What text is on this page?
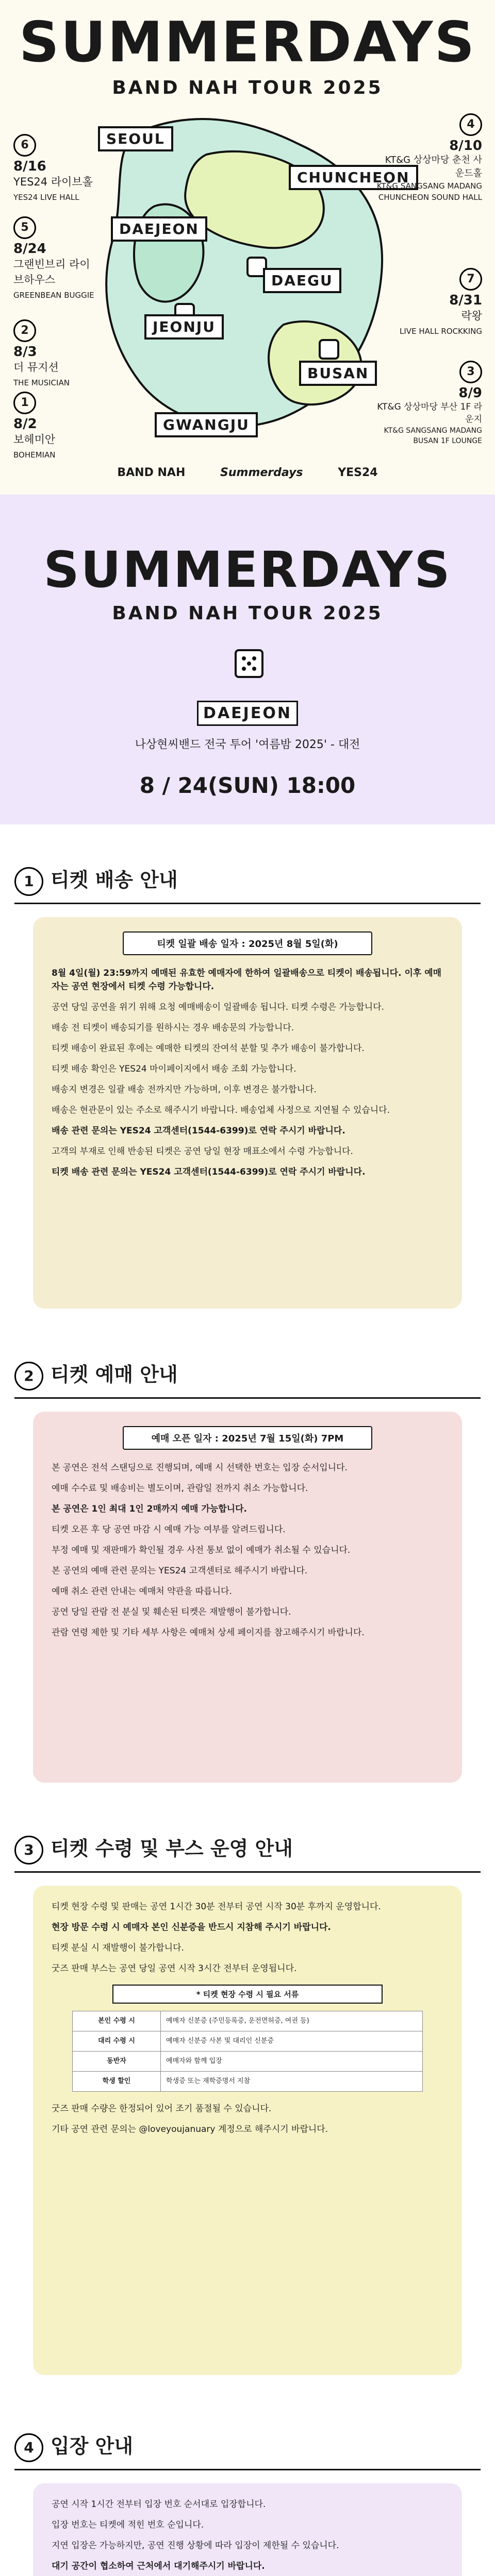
SUMMERDAYS
BAND NAH TOUR 2025
SEOUL
CHUNCHEON
DAEJEON
DAEGU
JEONJU
BUSAN
GWANGJU
6
8/16
YES24 라이브홀
YES24 LIVE HALL
5
8/24
그랜빈브리 라이브하우스
GREENBEAN BUGGIE
2
8/3
더 뮤지션
THE MUSICIAN
1
8/2
보헤미안
BOHEMIAN
4
8/10
KT&G 상상마당 춘천 사운드홀
KT&G SANGSANG MADANG CHUNCHEON SOUND HALL
7
8/31
락왕
LIVE HALL ROCKKING
3
8/9
KT&G 상상마당 부산 1F 라운지
KT&G SANGSANG MADANG BUSAN 1F LOUNGE
BAND NAH	Summerdays	YES24
SUMMERDAYS
BAND NAH TOUR 2025
DAEJEON
나상현씨밴드 전국 투어 '여름밤 2025' - 대전
8 / 24(SUN) 18:00
1 티켓 배송 안내
티켓 일괄 배송 일자 : 2025년 8월 5일(화)

8월 4일(월) 23:59까지 예매된 유효한 예매자에 한하여 일괄배송으로 티켓이 배송됩니다. 이후 예매자는 공연 현장에서 티켓 수령 가능합니다.

공연 당일 공연을 위기 위해 요청 예매배송이 일괄배송 됩니다. 티켓 수령은 가능합니다.

배송 전 티켓이 배송되기를 원하시는 경우 배송문의 가능합니다.

티켓 배송이 완료된 후에는 예매한 티켓의 잔여석 분할 및 추가 배송이 불가합니다.

티켓 배송 확인은 YES24 마이페이지에서 배송 조회 가능합니다.

배송지 변경은 일괄 배송 전까지만 가능하며, 이후 변경은 불가합니다.

배송은 현관문이 있는 주소로 해주시기 바랍니다. 배송업체 사정으로 지연될 수 있습니다.

배송 관련 문의는 YES24 고객센터(1544-6399)로 연락 주시기 바랍니다.

고객의 부재로 인해 반송된 티켓은 공연 당일 현장 매표소에서 수령 가능합니다.

티켓 배송 관련 문의는 YES24 고객센터(1544-6399)로 연락 주시기 바랍니다.

2 티켓 예매 안내
예매 오픈 일자 : 2025년 7월 15일(화) 7PM

본 공연은 전석 스탠딩으로 진행되며, 예매 시 선택한 번호는 입장 순서입니다.

예매 수수료 및 배송비는 별도이며, 관람일 전까지 취소 가능합니다.

본 공연은 1인 최대 1인 2매까지 예매 가능합니다.

티켓 오픈 후 당 공연 마감 시 예매 가능 여부를 알려드립니다.

부정 예매 및 재판매가 확인될 경우 사전 통보 없이 예매가 취소될 수 있습니다.

본 공연의 예매 관련 문의는 YES24 고객센터로 해주시기 바랍니다.

예매 취소 관련 안내는 예매처 약관을 따릅니다.

공연 당일 관람 전 분실 및 훼손된 티켓은 재발행이 불가합니다.

관람 연령 제한 및 기타 세부 사항은 예매처 상세 페이지를 참고해주시기 바랍니다.

3 티켓 수령 및 부스 운영 안내

티켓 현장 수령 및 판매는 공연 1시간 30분 전부터 공연 시작 30분 후까지 운영합니다.

현장 방문 수령 시 예매자 본인 신분증을 반드시 지참해 주시기 바랍니다.

티켓 분실 시 재발행이 불가합니다.

굿즈 판매 부스는 공연 당일 공연 시작 3시간 전부터 운영됩니다.

* 티켓 현장 수령 시 필요 서류
본인 수령 시	예매자 신분증 (주민등록증, 운전면허증, 여권 등)
대리 수령 시	예매자 신분증 사본 및 대리인 신분증
동반자	예매자와 함께 입장
학생 할인	학생증 또는 재학증명서 지참

굿즈 판매 수량은 한정되어 있어 조기 품절될 수 있습니다.

기타 공연 관련 문의는 @loveyoujanuary 계정으로 해주시기 바랍니다.

4 입장 안내

공연 시작 1시간 전부터 입장 번호 순서대로 입장합니다.

입장 번호는 티켓에 적힌 번호 순입니다.

지연 입장은 가능하지만, 공연 진행 상황에 따라 입장이 제한될 수 있습니다.

대기 공간이 협소하여 근처에서 대기해주시기 바랍니다.
